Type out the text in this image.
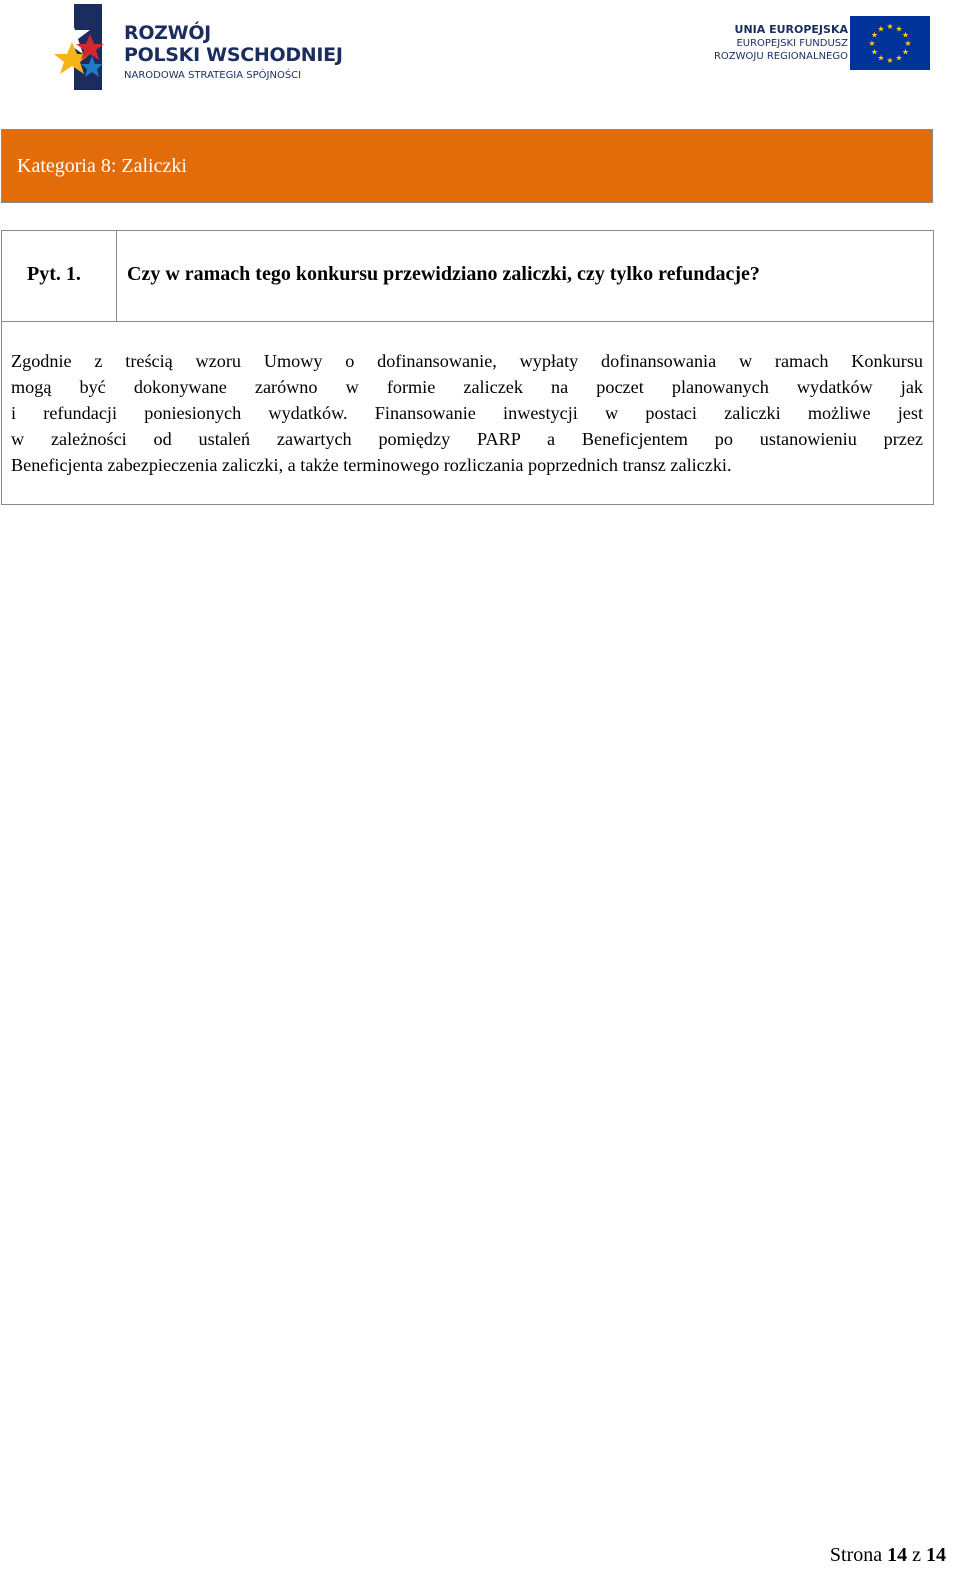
ROZWÓJ
POLSKI WSCHODNIEJ
NARODOWA STRATEGIA SPÓJNOŚCI
UNIA EUROPEJSKA
EUROPEJSKI FUNDUSZ
ROZWOJU REGIONALNEGO
★ ★
★
★
★
★
★
★
★
★
★
★
Kategoria 8: Zaliczki
Pyt. 1. Czy w ramach tego konkursu przewidziano zaliczki, czy tylko refundacje?
Zgodnie z treścią wzoru Umowy o dofinansowanie, wypłaty dofinansowania w ramach Konkursu
mogą być dokonywane zarówno w formie zaliczek na poczet planowanych wydatków jak
i refundacji poniesionych wydatków. Finansowanie inwestycji w postaci zaliczki możliwe jest
w zależności od ustaleń zawartych pomiędzy PARP a Beneficjentem po ustanowieniu przez
Beneficjenta zabezpieczenia zaliczki, a także terminowego rozliczania poprzednich transz zaliczki.
Strona 14 z 14
